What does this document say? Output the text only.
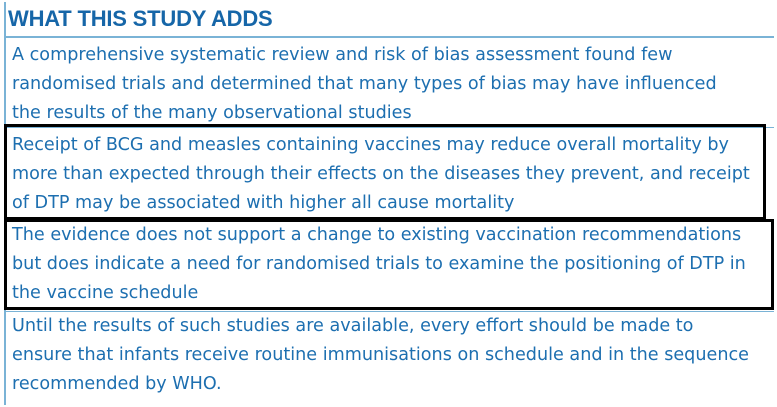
WHAT THIS STUDY ADDS
A comprehensive systematic review and risk of bias assessment found few
randomised trials and determined that many types of bias may have influenced
the results of the many observational studies
Receipt of BCG and measles containing vaccines may reduce overall mortality by
more than expected through their effects on the diseases they prevent, and receipt
of DTP may be associated with higher all cause mortality
The evidence does not support a change to existing vaccination recommendations
but does indicate a need for randomised trials to examine the positioning of DTP in
the vaccine schedule
Until the results of such studies are available, every effort should be made to
ensure that infants receive routine immunisations on schedule and in the sequence
recommended by WHO.
